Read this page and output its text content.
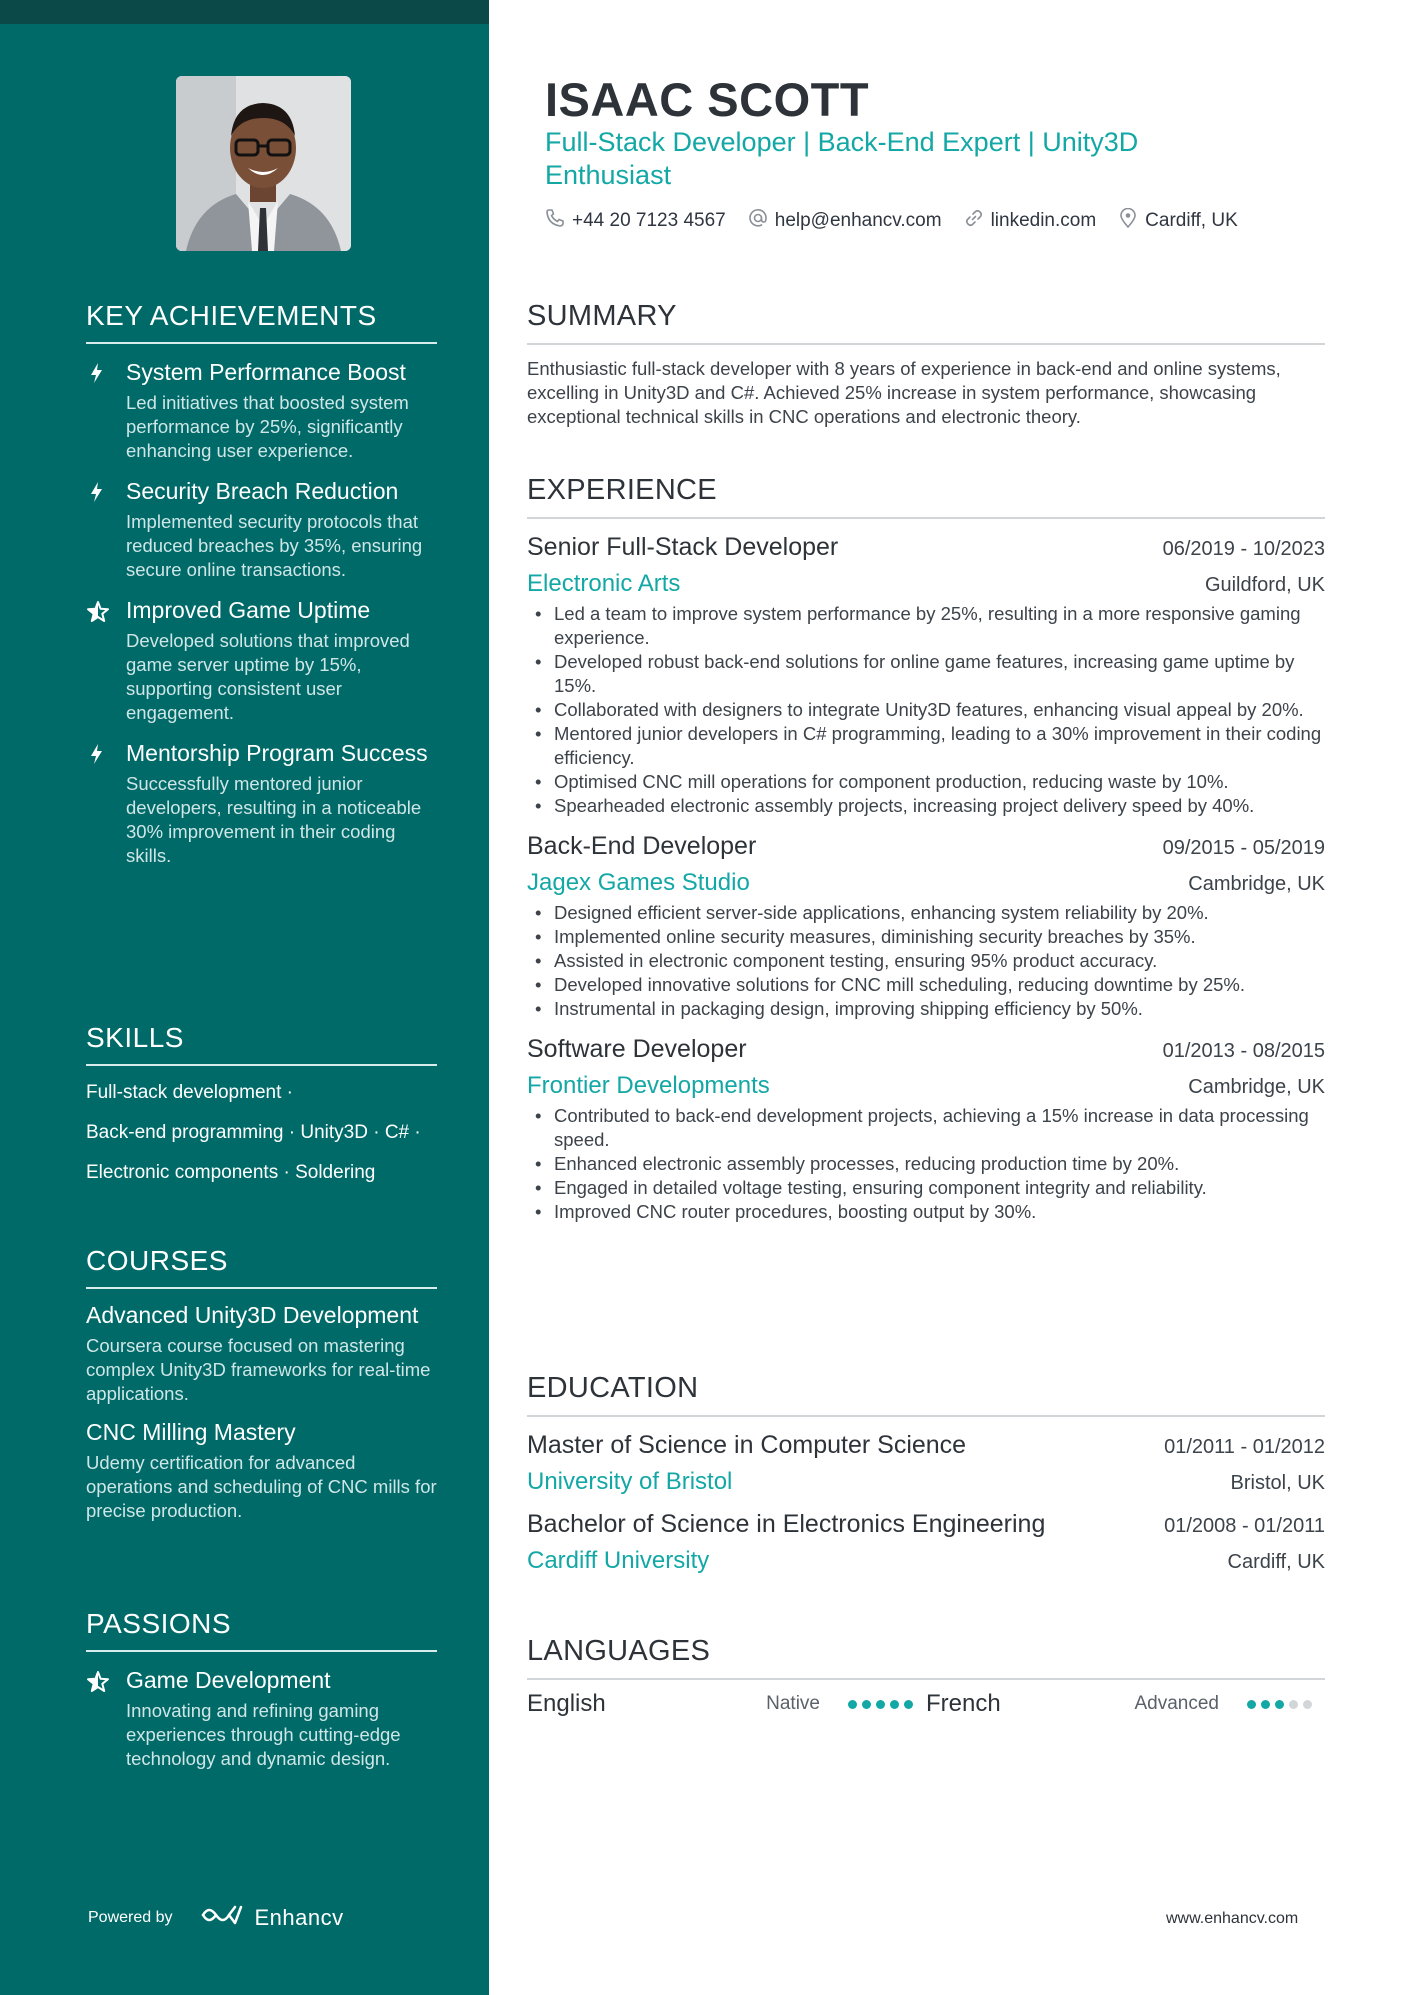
KEY ACHIEVEMENTS
System Performance Boost
Led initiatives that boosted system performance by 25%, significantly enhancing user experience.
Security Breach Reduction
Implemented security protocols that reduced breaches by 35%, ensuring secure online transactions.
Improved Game Uptime
Developed solutions that improved game server uptime by 15%, supporting consistent user engagement.
Mentorship Program Success
Successfully mentored junior developers, resulting in a noticeable 30% improvement in their coding skills.
SKILLS
Full-stack development ·
Back-end programming · Unity3D · C# ·
Electronic components · Soldering
COURSES
Advanced Unity3D Development
Coursera course focused on mastering complex Unity3D frameworks for real-time applications.
CNC Milling Mastery
Udemy certification for advanced operations and scheduling of CNC mills for precise production.
PASSIONS
Game Development
Innovating and refining gaming experiences through cutting-edge technology and dynamic design.
Powered by	Enhancv
ISAAC SCOTT
Full-Stack Developer | Back-End Expert | Unity3D Enthusiast
+44 20 7123 4567	help@enhancv.com	linkedin.com	Cardiff, UK
SUMMARY
Enthusiastic full-stack developer with 8 years of experience in back-end and online systems, excelling in Unity3D and C#. Achieved 25% increase in system performance, showcasing exceptional technical skills in CNC operations and electronic theory.
EXPERIENCE
Senior Full-Stack Developer	06/2019 - 10/2023
Electronic Arts	Guildford, UK
• Led a team to improve system performance by 25%, resulting in a more responsive gaming experience.
• Developed robust back-end solutions for online game features, increasing game uptime by 15%.
• Collaborated with designers to integrate Unity3D features, enhancing visual appeal by 20%.
• Mentored junior developers in C# programming, leading to a 30% improvement in their coding efficiency.
• Optimised CNC mill operations for component production, reducing waste by 10%.
• Spearheaded electronic assembly projects, increasing project delivery speed by 40%.
Back-End Developer	09/2015 - 05/2019
Jagex Games Studio	Cambridge, UK
• Designed efficient server-side applications, enhancing system reliability by 20%.
• Implemented online security measures, diminishing security breaches by 35%.
• Assisted in electronic component testing, ensuring 95% product accuracy.
• Developed innovative solutions for CNC mill scheduling, reducing downtime by 25%.
• Instrumental in packaging design, improving shipping efficiency by 50%.
Software Developer	01/2013 - 08/2015
Frontier Developments	Cambridge, UK
• Contributed to back-end development projects, achieving a 15% increase in data processing speed.
• Enhanced electronic assembly processes, reducing production time by 20%.
• Engaged in detailed voltage testing, ensuring component integrity and reliability.
• Improved CNC router procedures, boosting output by 30%.
EDUCATION
Master of Science in Computer Science	01/2011 - 01/2012
University of Bristol	Bristol, UK
Bachelor of Science in Electronics Engineering	01/2008 - 01/2011
Cardiff University	Cardiff, UK
LANGUAGES
English	Native	French	Advanced
www.enhancv.com
